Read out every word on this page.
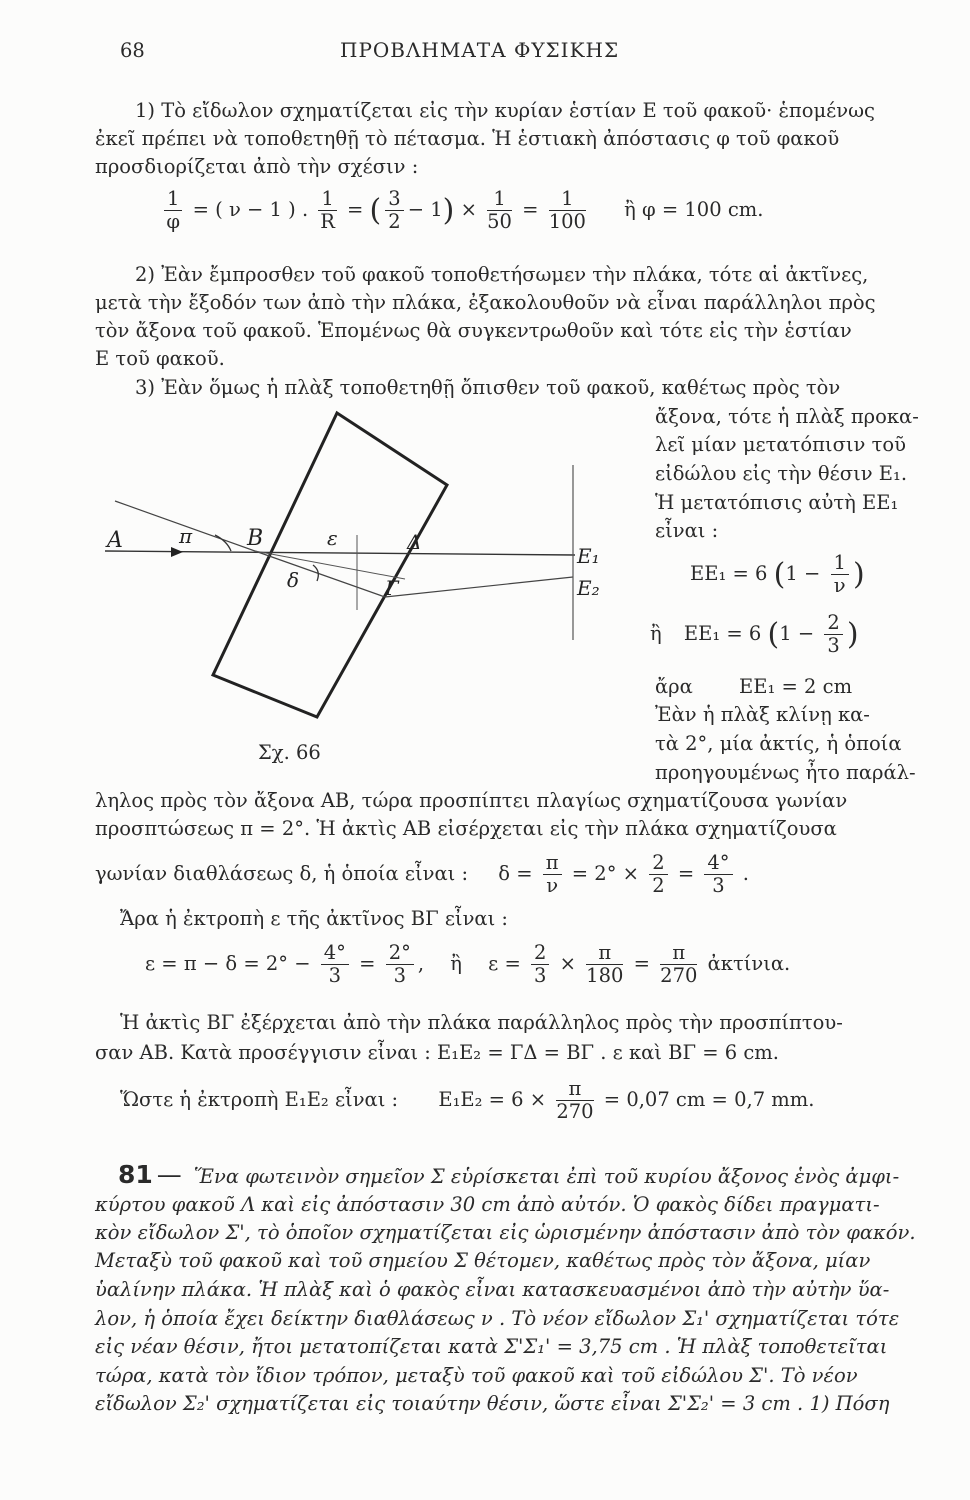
68	ΠΡΟΒΛΗΜΑΤΑ ΦΥΣΙΚΗΣ
1) Τὸ εἴδωλον σχηματίζεται εἰς τὴν κυρίαν ἑστίαν Ε τοῦ φακοῦ· ἑπομένως
ἐκεῖ πρέπει νὰ τοποθετηθῇ τὸ πέτασμα. Ἡ ἑστιακὴ ἀπόστασις φ τοῦ φακοῦ
προσδιορίζεται ἀπὸ τὴν σχέσιν :
$\frac{1}{\varphi}$ = ( ν − 1 ) . $\frac{1}{R}$ = ( $\frac{3}{2} - 1) \times \frac{1}{50} = \frac{1}{100}$ ἢ φ = 100 cm.
2) Ἐὰν ἔμπροσθεν τοῦ φακοῦ τοποθετήσωμεν τὴν πλάκα, τότε αἱ ἀκτῖνες,
μετὰ τὴν ἔξοδόν των ἀπὸ τὴν πλάκα, ἐξακολουθοῦν νὰ εἶναι παράλληλοι πρὸς
τὸν ἄξονα τοῦ φακοῦ. Ἑπομένως θὰ συγκεντρωθοῦν καὶ τότε εἰς τὴν ἑστίαν
Ε τοῦ φακοῦ.
3) Ἐὰν ὅμως ἡ πλὰξ τοποθετηθῇ ὄπισθεν τοῦ φακοῦ, καθέτως πρὸς τὸν
Α	π Β	ε
δ
Δ
Γ
Ε₁
Ε₂
Σχ. 66
ἄξονα, τότε ἡ πλὰξ προκα-
λεῖ μίαν μετατόπισιν τοῦ
εἰδώλου εἰς τὴν θέσιν Ε₁.
Ἡ μετατόπισις αὐτὴ ΕΕ₁
εἶναι :
ΕΕ₁ = 6 ($1 - \frac{1}{\nu}$ )
ἢ ΕΕ₁ = 6 ($1 - \frac{2}{3}$ )
ἄρα ΕΕ₁ = 2 cm
Ἐὰν ἡ πλὰξ κλίνῃ κα-
τὰ 2°, μία ἀκτίς, ἡ ὁποία
προηγουμένως ἦτο παράλ-
ληλος πρὸς τὸν ἄξονα ΑΒ, τώρα προσπίπτει πλαγίως σχηματίζουσα γωνίαν
προσπτώσεως π = 2°. Ἡ ἀκτὶς ΑΒ εἰσέρχεται εἰς τὴν πλάκα σχηματίζουσα
γωνίαν διαθλάσεως δ, ἡ ὁποία εἶναι : $\delta = \frac{\pi}{\nu} = 2^\circ \times \frac{2}{2} = \frac{4^\circ}{3}$ .
Ἄρα ἡ ἐκτροπὴ ε τῆς ἀκτῖνος ΒΓ εἶναι :
$\varepsilon = \pi - \delta = 2^\circ - \frac{4^\circ}{3} = \frac{2^\circ}{3}$ , ἢ $\varepsilon = \frac{2}{3} \times \frac{\pi}{180} = \frac{\pi}{270}$ ἀκτίνια.
Ἡ ἀκτὶς ΒΓ ἐξέρχεται ἀπὸ τὴν πλάκα παράλληλος πρὸς τὴν προσπίπτου-
σαν ΑΒ. Κατὰ προσέγγισιν εἶναι : Ε₁Ε₂ = ΓΔ = ΒΓ . ε καὶ ΒΓ = 6 cm.
Ὥστε ἡ ἐκτροπὴ Ε₁Ε₂ εἶναι : $E_1E_2 = 6 \times \frac{\pi}{270} = 0,07$ cm = 0,7 mm.
81 — Ἕνα φωτεινὸν σημεῖον Σ εὑρίσκεται ἐπὶ τοῦ κυρίου ἄξονος ἑνὸς ἀμφι-
κύρτου φακοῦ Λ καὶ εἰς ἀπόστασιν 30 cm ἀπὸ αὐτόν. Ὁ φακὸς δίδει πραγματι-
κὸν εἴδωλον Σ', τὸ ὁποῖον σχηματίζεται εἰς ὡρισμένην ἀπόστασιν ἀπὸ τὸν φακόν.
Μεταξὺ τοῦ φακοῦ καὶ τοῦ σημείου Σ θέτομεν, καθέτως πρὸς τὸν ἄξονα, μίαν
ὑαλίνην πλάκα. Ἡ πλὰξ καὶ ὁ φακὸς εἶναι κατασκευασμένοι ἀπὸ τὴν αὐτὴν ὕα-
λον, ἡ ὁποία ἔχει δείκτην διαθλάσεως ν . Τὸ νέον εἴδωλον Σ₁' σχηματίζεται τότε
εἰς νέαν θέσιν, ἤτοι μετατοπίζεται κατὰ Σ'Σ₁' = 3,75 cm . Ἡ πλὰξ τοποθετεῖται
τώρα, κατὰ τὸν ἴδιον τρόπον, μεταξὺ τοῦ φακοῦ καὶ τοῦ εἰδώλου Σ'. Τὸ νέον
εἴδωλον Σ₂' σχηματίζεται εἰς τοιαύτην θέσιν, ὥστε εἶναι Σ'Σ₂' = 3 cm . 1) Πόση
